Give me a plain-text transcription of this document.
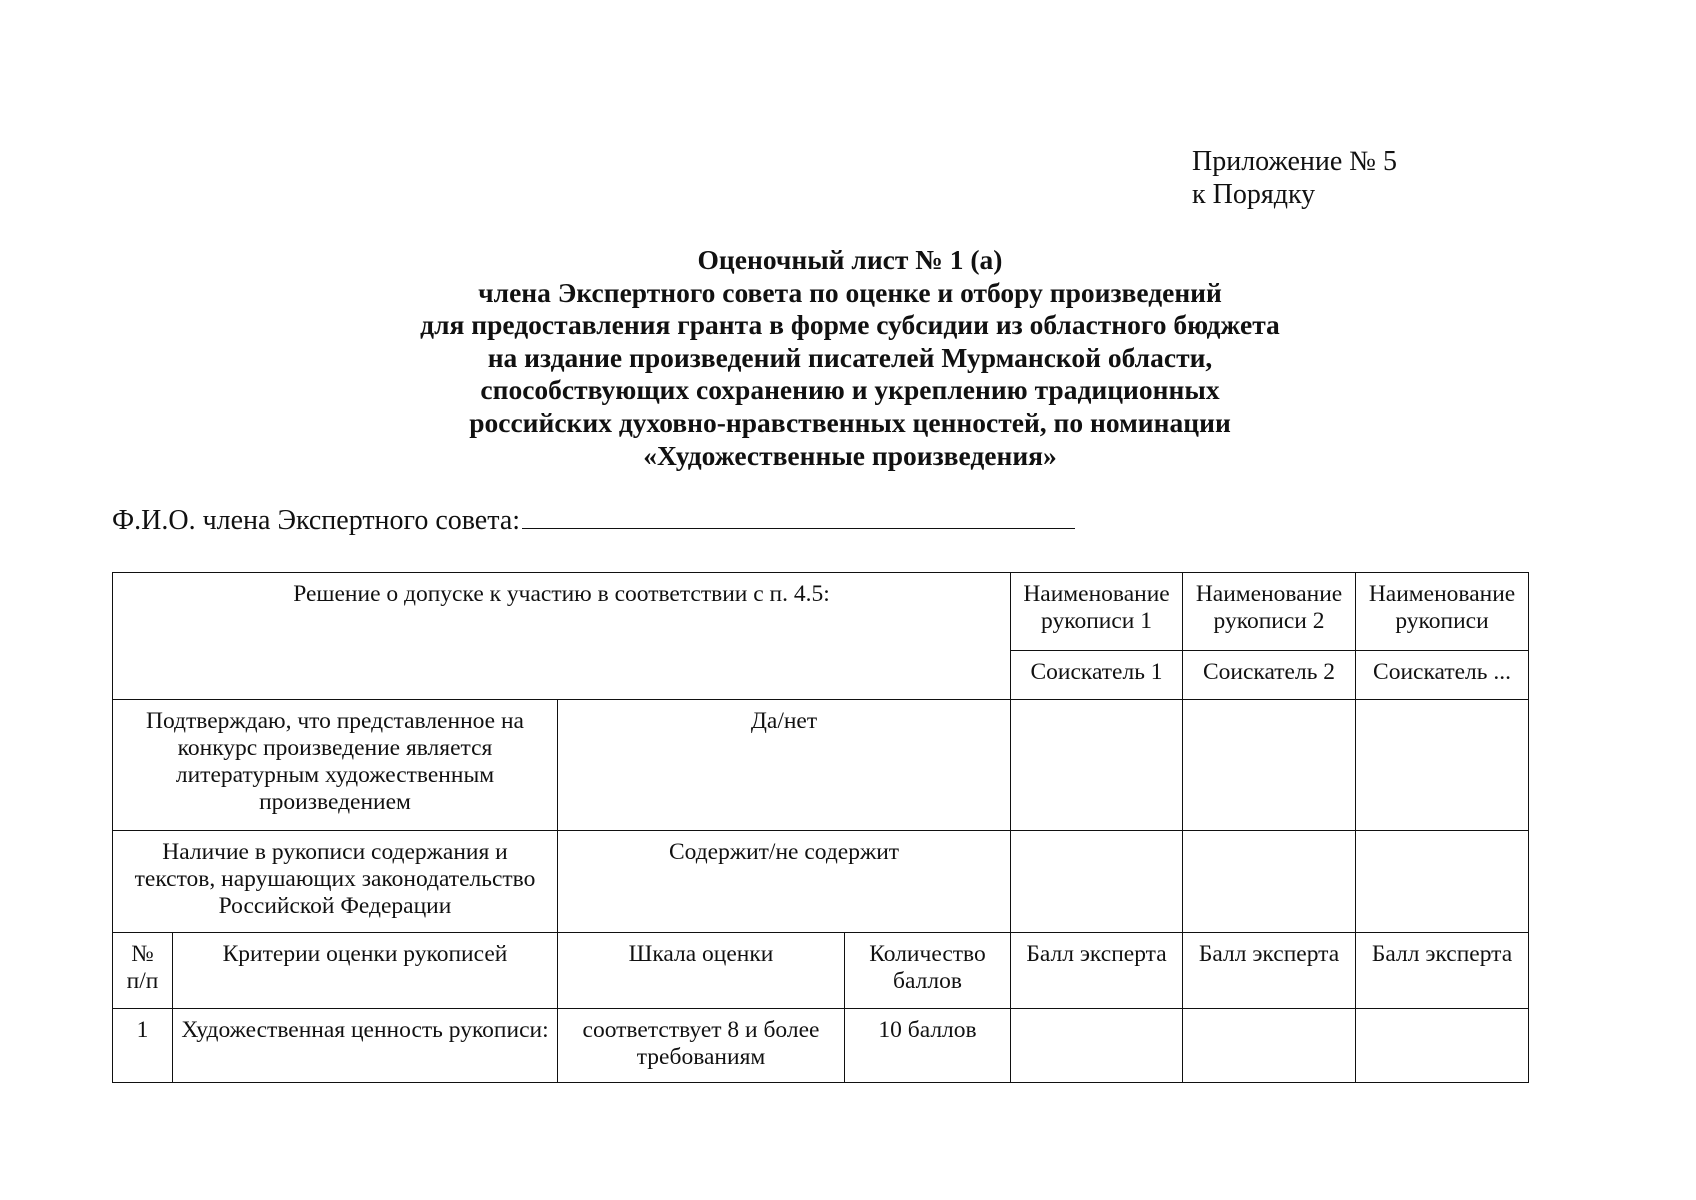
Приложение № 5
к Порядку
Оценочный лист № 1 (а)
члена Экспертного совета по оценке и отбору произведений
для предоставления гранта в форме субсидии из областного бюджета
на издание произведений писателей Мурманской области,
способствующих сохранению и укреплению традиционных
российских духовно-нравственных ценностей, по номинации
«Художественные произведения»
Ф.И.О. члена Экспертного совета:
Решение о допуске к участию в соответствии с п. 4.5:				Наименование рукописи 1	Наименование рукописи 2	Наименование рукописи
				Соискатель 1	Соискатель 2	Соискатель ...
Подтверждаю, что представленное на конкурс произведение является литературным художественным произведением		Да/нет				
Наличие в рукописи содержания и текстов, нарушающих законодательство Российской Федерации		Содержит/не содержит				
№ п/п	Критерии оценки рукописей	Шкала оценки	Количество баллов	Балл эксперта	Балл эксперта	Балл эксперта
1	Художественная ценность рукописи:	соответствует 8 и более требованиям	10 баллов			
